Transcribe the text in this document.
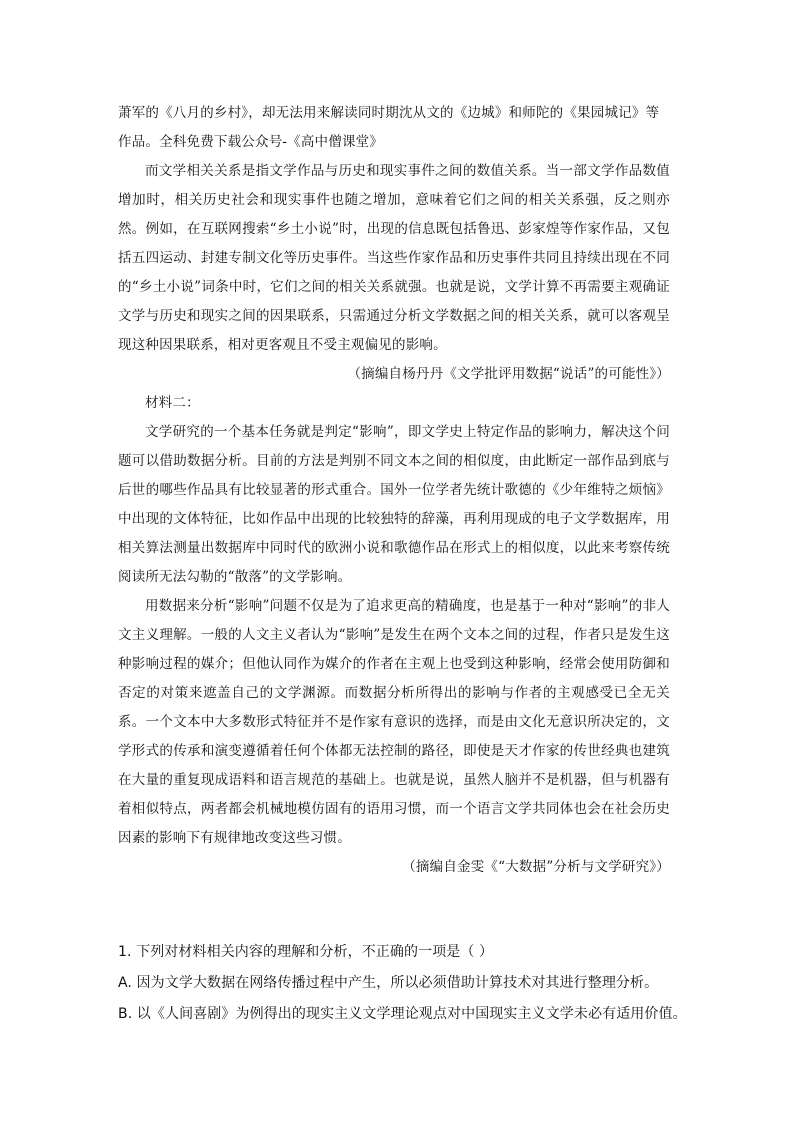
萧军的《八月的乡村》，却无法用来解读同时期沈从文的《边城》和师陀的《果园城记》等

作品。全科免费下载公众号-《高中僧课堂》

而文学相关关系是指文学作品与历史和现实事件之间的数值关系。当一部文学作品数值增加时，相关历史社会和现实事件也随之增加，意味着它们之间的相关关系强，反之则亦然。例如，在互联网搜索“乡土小说”时，出现的信息既包括鲁迅、彭家煌等作家作品，又包括五四运动、封建专制文化等历史事件。当这些作家作品和历史事件共同且持续出现在不同的“乡土小说”词条中时，它们之间的相关关系就强。也就是说，文学计算不再需要主观确证文学与历史和现实之间的因果联系，只需通过分析文学数据之间的相关关系，就可以客观呈现这种因果联系，相对更客观且不受主观偏见的影响。

（摘编自杨丹丹《文学批评用数据“说话”的可能性》）

材料二：

文学研究的一个基本任务就是判定“影响”，即文学史上特定作品的影响力，解决这个问题可以借助数据分析。目前的方法是判别不同文本之间的相似度，由此断定一部作品到底与后世的哪些作品具有比较显著的形式重合。国外一位学者先统计歌德的《少年维特之烦恼》中出现的文体特征，比如作品中出现的比较独特的辞藻，再利用现成的电子文学数据库，用相关算法测量出数据库中同时代的欧洲小说和歌德作品在形式上的相似度，以此来考察传统阅读所无法勾勒的“散落”的文学影响。

用数据来分析“影响”问题不仅是为了追求更高的精确度，也是基于一种对“影响”的非人文主义理解。一般的人文主义者认为“影响”是发生在两个文本之间的过程，作者只是发生这种影响过程的媒介；但他认同作为媒介的作者在主观上也受到这种影响，经常会使用防御和否定的对策来遮盖自己的文学渊源。而数据分析所得出的影响与作者的主观感受已全无关系。一个文本中大多数形式特征并不是作家有意识的选择，而是由文化无意识所决定的，文学形式的传承和演变遵循着任何个体都无法控制的路径，即使是天才作家的传世经典也建筑在大量的重复现成语料和语言规范的基础上。也就是说，虽然人脑并不是机器，但与机器有着相似特点，两者都会机械地模仿固有的语用习惯，而一个语言文学共同体也会在社会历史因素的影响下有规律地改变这些习惯。

（摘编自金雯《“大数据”分析与文学研究》）

1. 下列对材料相关内容的理解和分析，不正确的一项是（ ）

A. 因为文学大数据在网络传播过程中产生，所以必须借助计算技术对其进行整理分析。

B. 以《人间喜剧》为例得出的现实主义文学理论观点对中国现实主义文学未必有适用价值。
